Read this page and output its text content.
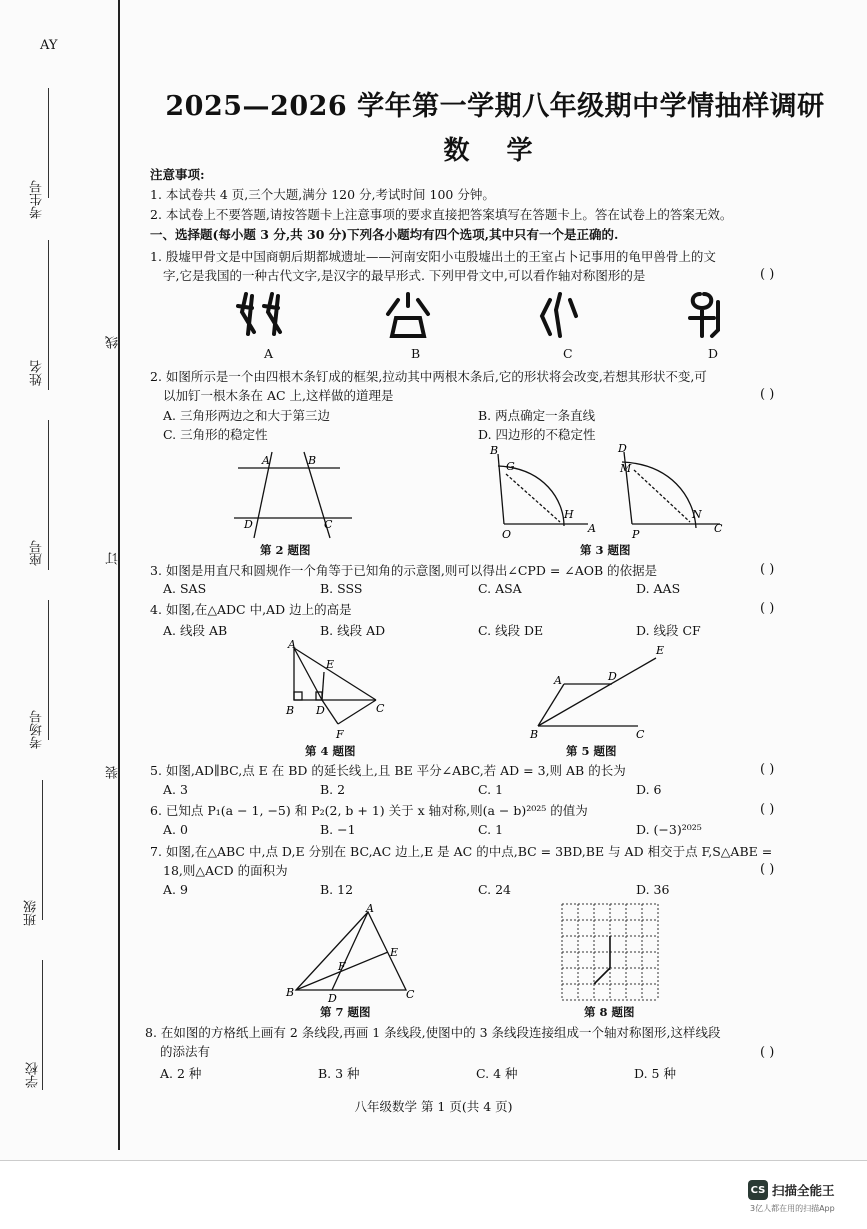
AY
考生号
姓名
座号
考场号
班级
学校
线
订
装
2025—2026 学年第一学期八年级期中学情抽样调研
数 学
注意事项:
1. 本试卷共 4 页,三个大题,满分 120 分,考试时间 100 分钟。
2. 本试卷上不要答题,请按答题卡上注意事项的要求直接把答案填写在答题卡上。答在试卷上的答案无效。
一、选择题(每小题 3 分,共 30 分)下列各小题均有四个选项,其中只有一个是正确的.
1. 殷墟甲骨文是中国商朝后期都城遗址——河南安阳小屯殷墟出土的王室占卜记事用的龟甲兽骨上的文
字,它是我国的一种古代文字,是汉字的最早形式. 下列甲骨文中,可以看作轴对称图形的是	( )
A	B	C	D
2. 如图所示是一个由四根木条钉成的框架,拉动其中两根木条后,它的形状将会改变,若想其形状不变,可
以加钉一根木条在 AC 上,这样做的道理是	( )
A. 三角形两边之和大于第三边	B. 两点确定一条直线
C. 三角形的稳定性	D. 四边形的不稳定性
A	B
D	C
第 2 题图
B
G
O
H
A
D
M
P
N
C
第 3 题图
3. 如图是用直尺和圆规作一个角等于已知角的示意图,则可以得出∠CPD = ∠AOB 的依据是	( )
A. SAS	B. SSS	C. ASA	D. AAS
4. 如图,在△ADC 中,AD 边上的高是	( )
A. 线段 AB	B. 线段 AD	C. 线段 DE	D. 线段 CF
A
E
B D	C
F
第 4 题图
E
A	D
B	C
第 5 题图
5. 如图,AD∥BC,点 E 在 BD 的延长线上,且 BE 平分∠ABC,若 AD = 3,则 AB 的长为	( )
A. 3	B. 2	C. 1	D. 6
6. 已知点 P₁(a − 1, −5) 和 P₂(2, b + 1) 关于 x 轴对称,则(a − b)²⁰²⁵ 的值为	( )
A. 0	B. −1	C. 1	D. (−3)²⁰²⁵
7. 如图,在△ABC 中,点 D,E 分别在 BC,AC 边上,E 是 AC 的中点,BC = 3BD,BE 与 AD 相交于点 F,S△ABE =
18,则△ACD 的面积为	( )
A. 9	B. 12	C. 24	D. 36
A
E
F
B	D	C
第 7 题图	第 8 题图
8. 在如图的方格纸上画有 2 条线段,再画 1 条线段,使图中的 3 条线段连接组成一个轴对称图形,这样线段
的添法有	( )
A. 2 种	B. 3 种	C. 4 种	D. 5 种
八年级数学 第 1 页(共 4 页)
CS 扫描全能王
3亿人都在用的扫描App
